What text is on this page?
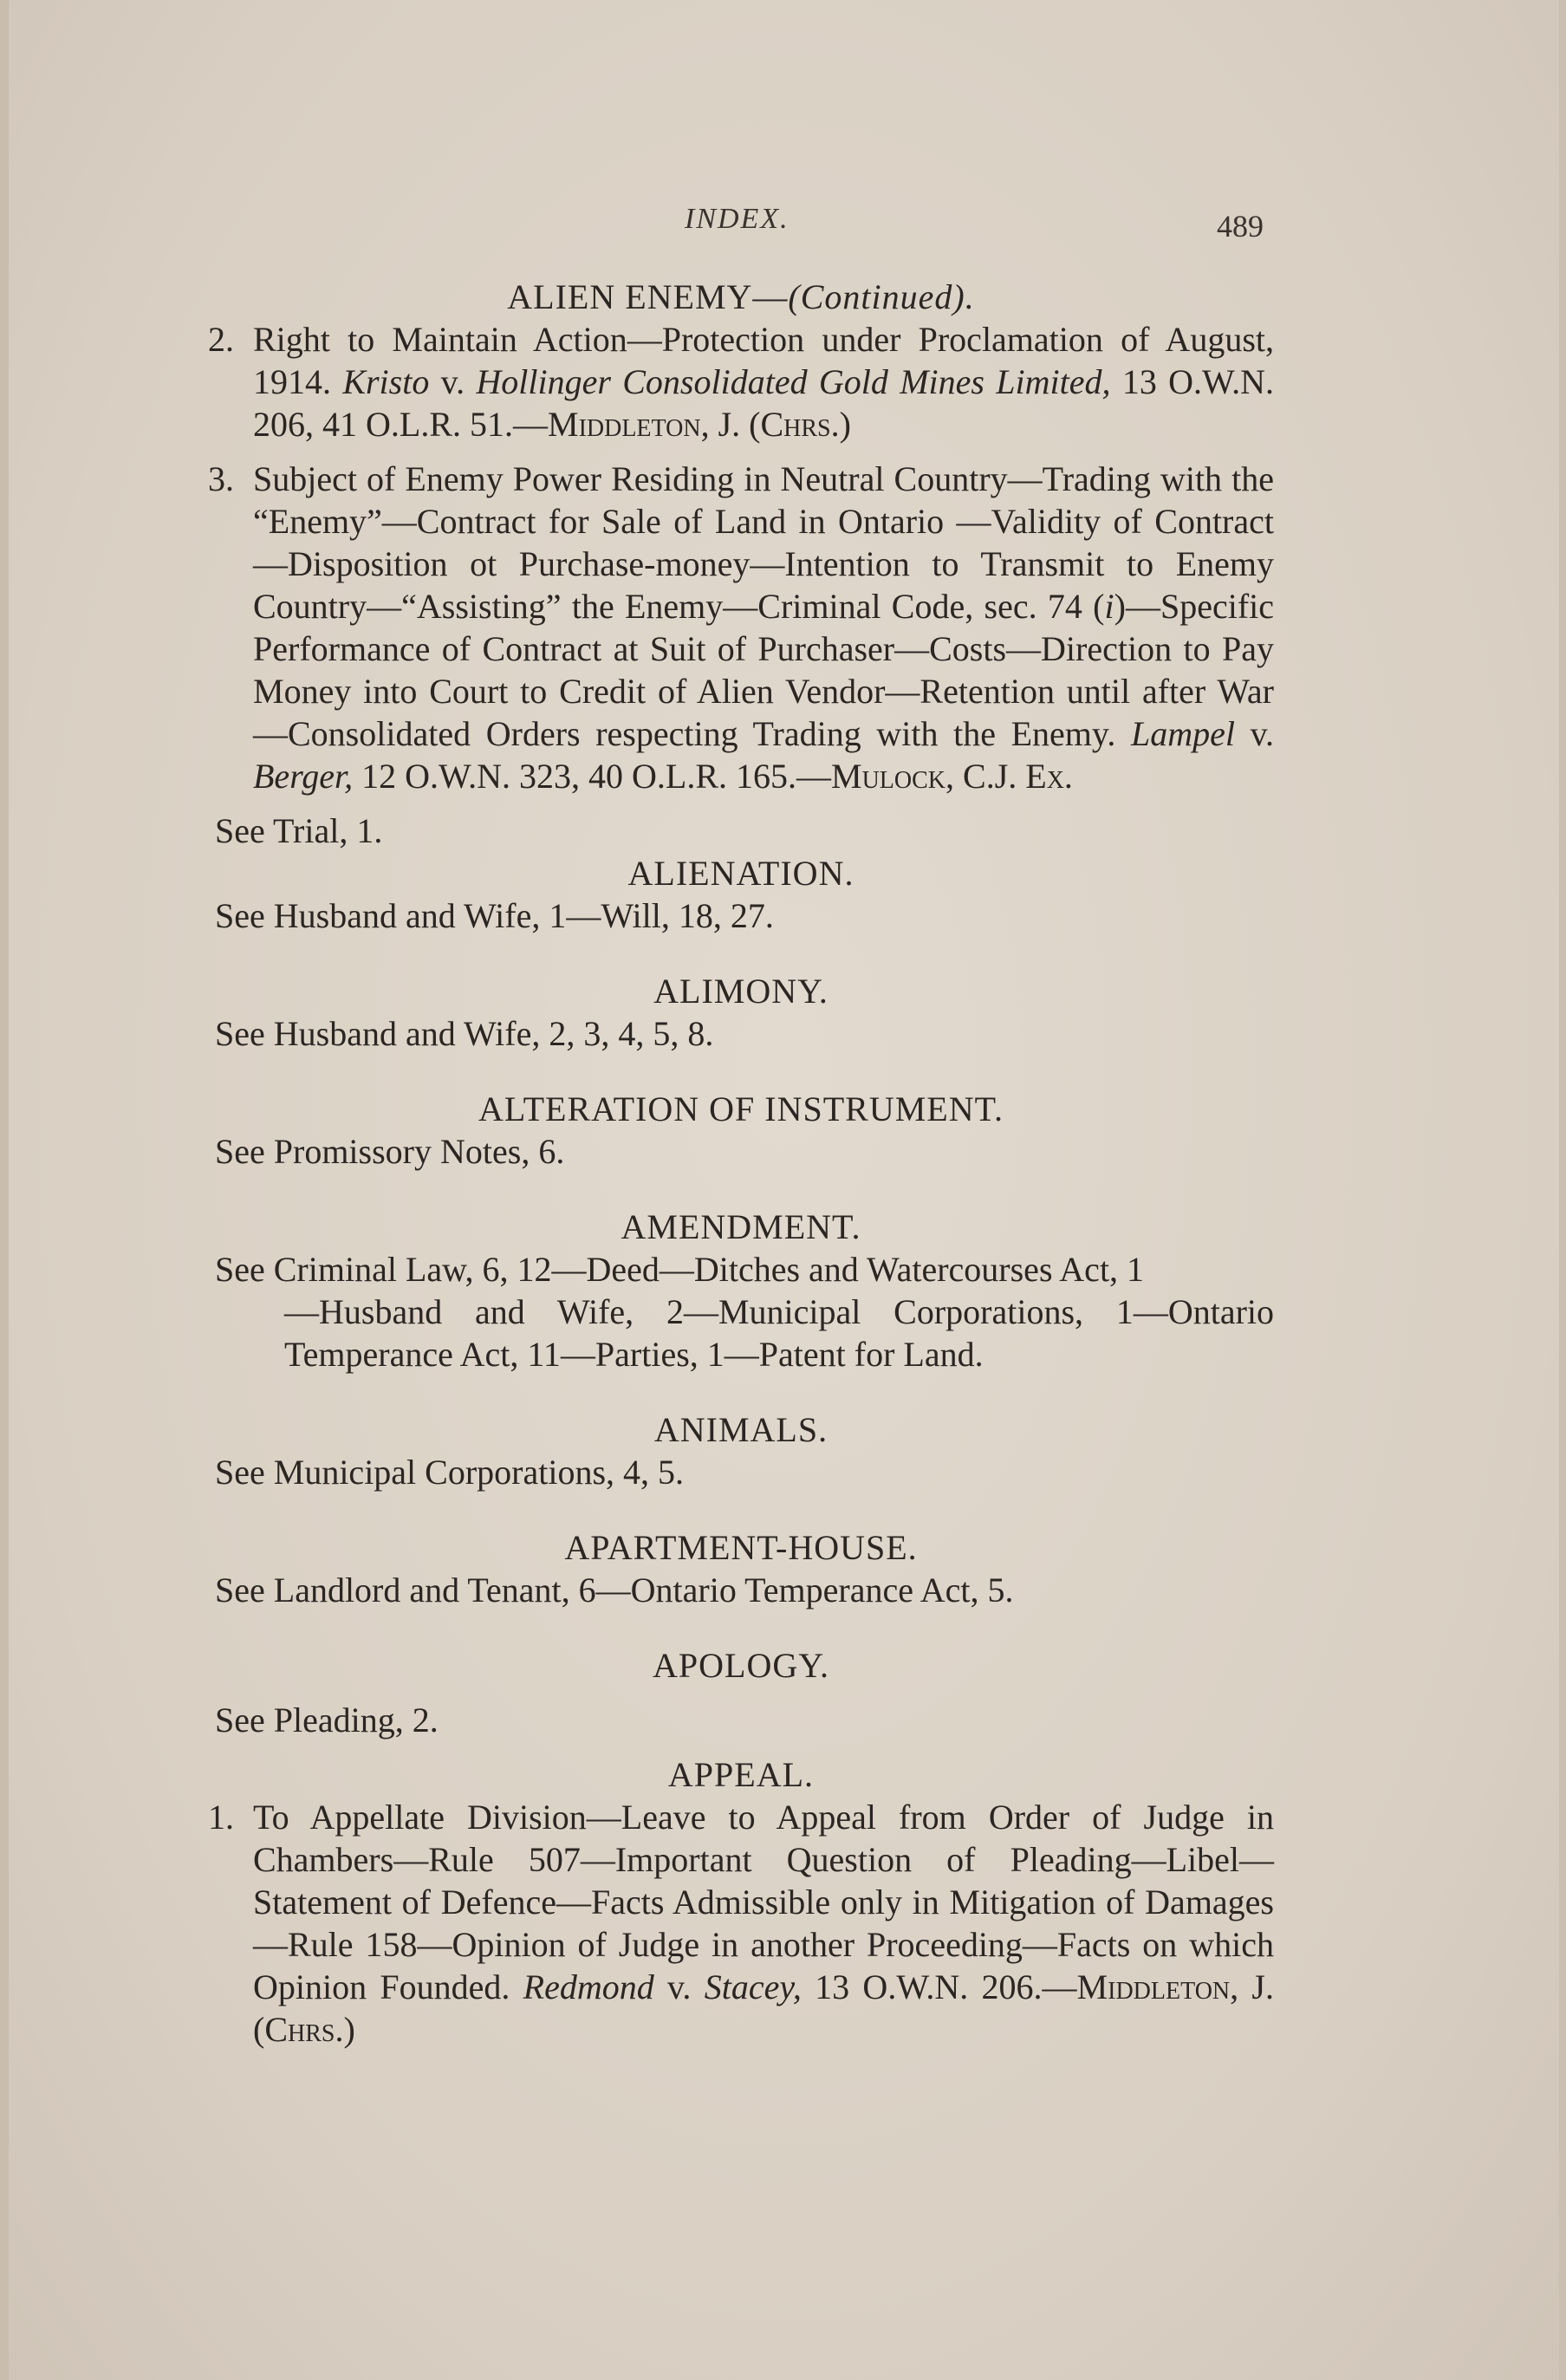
INDEX.	489
ALIEN ENEMY—(Continued).
2. Right to Maintain Action—Protection under Proclamation of August, 1914. Kristo v. Hollinger Consolidated Gold Mines Limited, 13 O.W.N. 206, 41 O.L.R. 51.—Middleton, J. (Chrs.)
3. Subject of Enemy Power Residing in Neutral Country—Trading with the “Enemy”—Contract for Sale of Land in Ontario —Validity of Contract—Disposition ot Purchase-money—Intention to Transmit to Enemy Country—“Assisting” the Enemy—Criminal Code, sec. 74 (i)—Specific Performance of Contract at Suit of Purchaser—Costs—Direction to Pay Money into Court to Credit of Alien Vendor—Retention until after War—Consolidated Orders respecting Trading with the Enemy. Lampel v. Berger, 12 O.W.N. 323, 40 O.L.R. 165.—Mulock, C.J. Ex.

See Trial, 1.

ALIENATION.

See Husband and Wife, 1—Will, 18, 27.

ALIMONY.

See Husband and Wife, 2, 3, 4, 5, 8.

ALTERATION OF INSTRUMENT.

See Promissory Notes, 6.

AMENDMENT.

See Criminal Law, 6, 12—Deed—Ditches and Watercourses Act, 1
—Husband and Wife, 2—Municipal Corporations, 1—Ontario Temperance Act, 11—Parties, 1—Patent for Land.

ANIMALS.

See Municipal Corporations, 4, 5.

APARTMENT-HOUSE.

See Landlord and Tenant, 6—Ontario Temperance Act, 5.

APOLOGY.

See Pleading, 2.

APPEAL.
1. To Appellate Division—Leave to Appeal from Order of Judge in Chambers—Rule 507—Important Question of Pleading—Libel—Statement of Defence—Facts Admissible only in Mitigation of Damages—Rule 158—Opinion of Judge in another Proceeding—Facts on which Opinion Founded. Redmond v. Stacey, 13 O.W.N. 206.—Middleton, J. (Chrs.)
